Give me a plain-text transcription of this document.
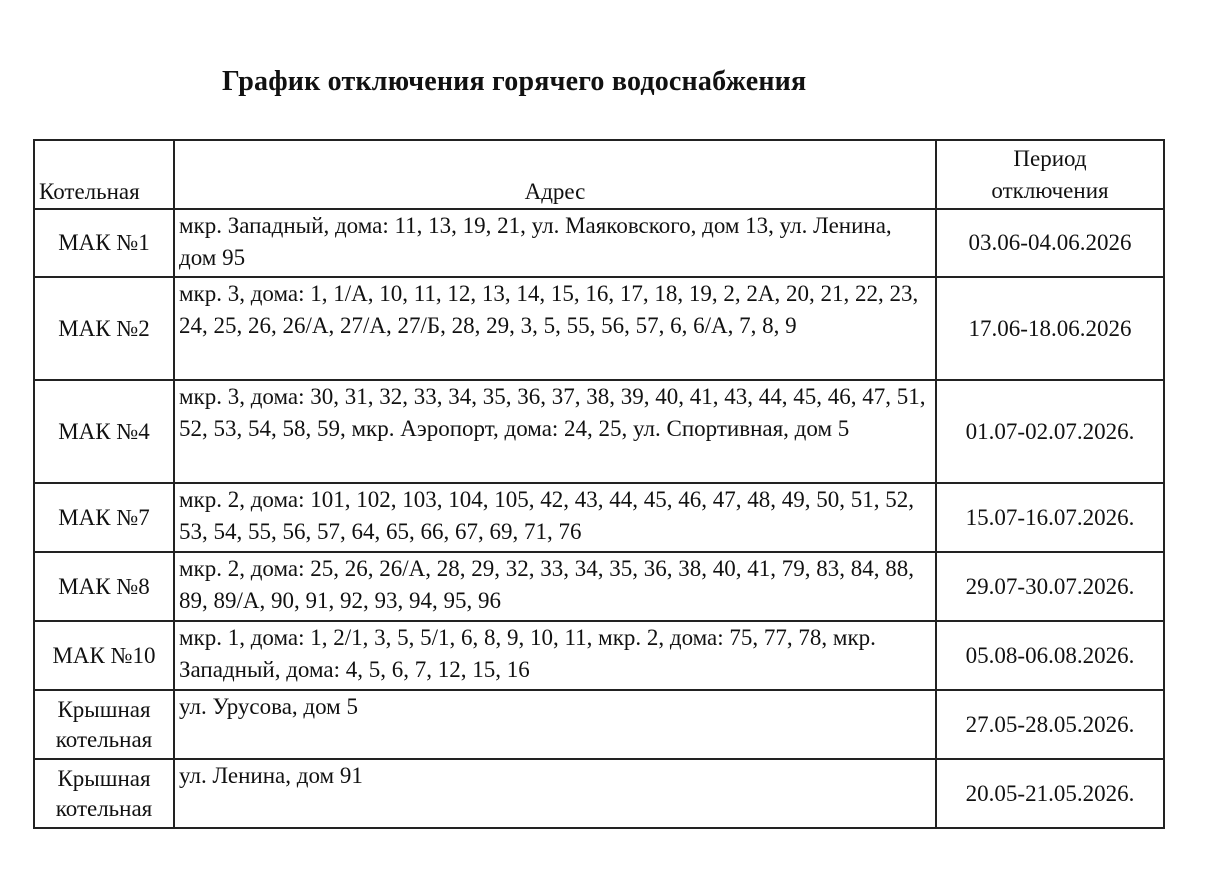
График отключения горячего водоснабжения
Котельная	Адрес	Период
отключения

МАК №1	мкр. Западный, дома: 11, 13, 19, 21, ул. Маяковского, дом 13, ул. Ленина, дом 95	03.06-04.06.2026
МАК №2	мкр. 3, дома: 1, 1/А, 10, 11, 12, 13, 14, 15, 16, 17, 18, 19, 2, 2А, 20, 21, 22, 23, 24, 25, 26, 26/А, 27/А, 27/Б, 28, 29, 3, 5, 55, 56, 57, 6, 6/А, 7, 8, 9	17.06-18.06.2026
МАК №4	мкр. 3, дома: 30, 31, 32, 33, 34, 35, 36, 37, 38, 39, 40, 41, 43, 44, 45, 46, 47, 51, 52, 53, 54, 58, 59, мкр. Аэропорт, дома: 24, 25, ул. Спортивная, дом 5	01.07-02.07.2026.
МАК №7	мкр. 2, дома: 101, 102, 103, 104, 105, 42, 43, 44, 45, 46, 47, 48, 49, 50, 51, 52, 53, 54, 55, 56, 57, 64, 65, 66, 67, 69, 71, 76	15.07-16.07.2026.
МАК №8	мкр. 2, дома: 25, 26, 26/А, 28, 29, 32, 33, 34, 35, 36, 38, 40, 41, 79, 83, 84, 88, 89, 89/А, 90, 91, 92, 93, 94, 95, 96	29.07-30.07.2026.
МАК №10	мкр. 1, дома: 1, 2/1, 3, 5, 5/1, 6, 8, 9, 10, 11, мкр. 2, дома: 75, 77, 78, мкр. Западный, дома: 4, 5, 6, 7, 12, 15, 16	05.08-06.08.2026.
Крышная котельная	ул. Урусова, дом 5	27.05-28.05.2026.
Крышная котельная	ул. Ленина, дом 91	20.05-21.05.2026.
